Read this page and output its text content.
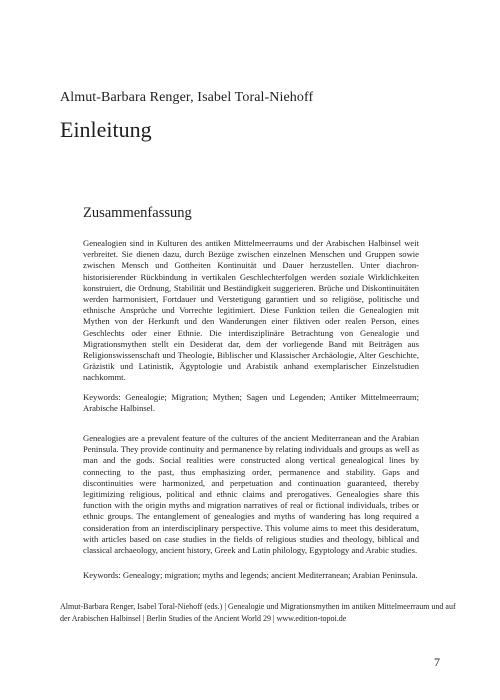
Almut-Barbara Renger, Isabel Toral-Niehoff
Einleitung
Zusammenfassung

Genealogien sind in Kulturen des antiken Mittelmeerraums und der Arabischen Halbinsel weit verbreitet. Sie dienen dazu, durch Bezüge zwischen einzelnen Menschen und Gruppen sowie zwischen Mensch und Gottheiten Kontinuität und Dauer herzustellen. Unter diachron-historisierender Rückbindung in vertikalen Geschlechterfolgen werden soziale Wirklichkeiten konstruiert, die Ordnung, Stabilität und Beständigkeit suggerieren. Brüche und Diskontinuitäten werden harmonisiert, Fortdauer und Verstetigung garantiert und so religiöse, politische und ethnische Ansprüche und Vorrechte legitimiert. Diese Funktion teilen die Genealogien mit Mythen von der Herkunft und den Wanderungen einer fiktiven oder realen Person, eines Geschlechts oder einer Ethnie. Die interdisziplinäre Betrachtung von Genealogie und Migrationsmythen stellt ein Desiderat dar, dem der vorliegende Band mit Beiträgen aus Religionswissenschaft und Theologie, Biblischer und Klassischer Archäologie, Alter Geschichte, Gräzistik und Latinistik, Ägyptologie und Arabistik anhand exemplarischer Einzelstudien nachkommt.

Keywords: Genealogie; Migration; Mythen; Sagen und Legenden; Antiker Mittelmeerraum; Arabische Halbinsel.

Genealogies are a prevalent feature of the cultures of the ancient Mediterranean and the Arabian Peninsula. They provide continuity and permanence by relating individuals and groups as well as man and the gods. Social realities were constructed along vertical genealogical lines by connecting to the past, thus emphasizing order, permanence and stability. Gaps and discontinuities were harmonized, and perpetuation and continuation guaranteed, thereby legitimizing religious, political and ethnic claims and prerogatives. Genealogies share this function with the origin myths and migration narratives of real or fictional individuals, tribes or ethnic groups. The entanglement of genealogies and myths of wandering has long required a consideration from an interdisciplinary perspective. This volume aims to meet this desideratum, with articles based on case studies in the fields of religious studies and theology, biblical and classical archaeology, ancient history, Greek and Latin philology, Egyptology and Arabic studies.

Keywords: Genealogy; migration; myths and legends; ancient Mediterranean; Arabian Peninsula.

Almut-Barbara Renger, Isabel Toral-Niehoff (eds.) | Genealogie und Migrationsmythen im antiken Mittelmeerraum und auf der Arabischen Halbinsel | Berlin Studies of the Ancient World 29 | www.edition-topoi.de

7
